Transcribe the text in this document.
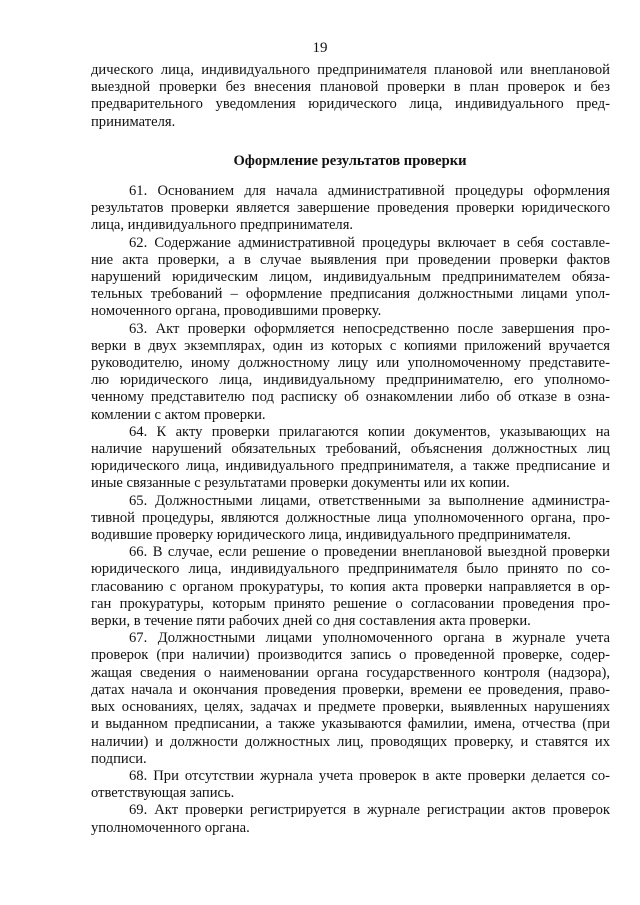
19
дического лица, индивидуального предпринимателя плановой или внеплановой
выездной проверки без внесения плановой проверки в план проверок и без
предварительного уведомления юридического лица, индивидуального пред-
принимателя.
Оформление результатов проверки
61. Основанием для начала административной процедуры оформления
результатов проверки является завершение проведения проверки юридического
лица, индивидуального предпринимателя.
62. Содержание административной процедуры включает в себя составле-
ние акта проверки, а в случае выявления при проведении проверки фактов
нарушений юридическим лицом, индивидуальным предпринимателем обяза-
тельных требований – оформление предписания должностными лицами упол-
номоченного органа, проводившими проверку.
63. Акт проверки оформляется непосредственно после завершения про-
верки в двух экземплярах, один из которых с копиями приложений вручается
руководителю, иному должностному лицу или уполномоченному представите-
лю юридического лица, индивидуальному предпринимателю, его уполномо-
ченному представителю под расписку об ознакомлении либо об отказе в озна-
комлении с актом проверки.
64. К акту проверки прилагаются копии документов, указывающих на
наличие нарушений обязательных требований, объяснения должностных лиц
юридического лица, индивидуального предпринимателя, а также предписание и
иные связанные с результатами проверки документы или их копии.
65. Должностными лицами, ответственными за выполнение администра-
тивной процедуры, являются должностные лица уполномоченного органа, про-
водившие проверку юридического лица, индивидуального предпринимателя.
66. В случае, если решение о проведении внеплановой выездной проверки
юридического лица, индивидуального предпринимателя было принято по со-
гласованию с органом прокуратуры, то копия акта проверки направляется в ор-
ган прокуратуры, которым принято решение о согласовании проведения про-
верки, в течение пяти рабочих дней со дня составления акта проверки.
67. Должностными лицами уполномоченного органа в журнале учета
проверок (при наличии) производится запись о проведенной проверке, содер-
жащая сведения о наименовании органа государственного контроля (надзора),
датах начала и окончания проведения проверки, времени ее проведения, право-
вых основаниях, целях, задачах и предмете проверки, выявленных нарушениях
и выданном предписании, а также указываются фамилии, имена, отчества (при
наличии) и должности должностных лиц, проводящих проверку, и ставятся их
подписи.
68. При отсутствии журнала учета проверок в акте проверки делается со-
ответствующая запись.
69. Акт проверки регистрируется в журнале регистрации актов проверок
уполномоченного органа.
